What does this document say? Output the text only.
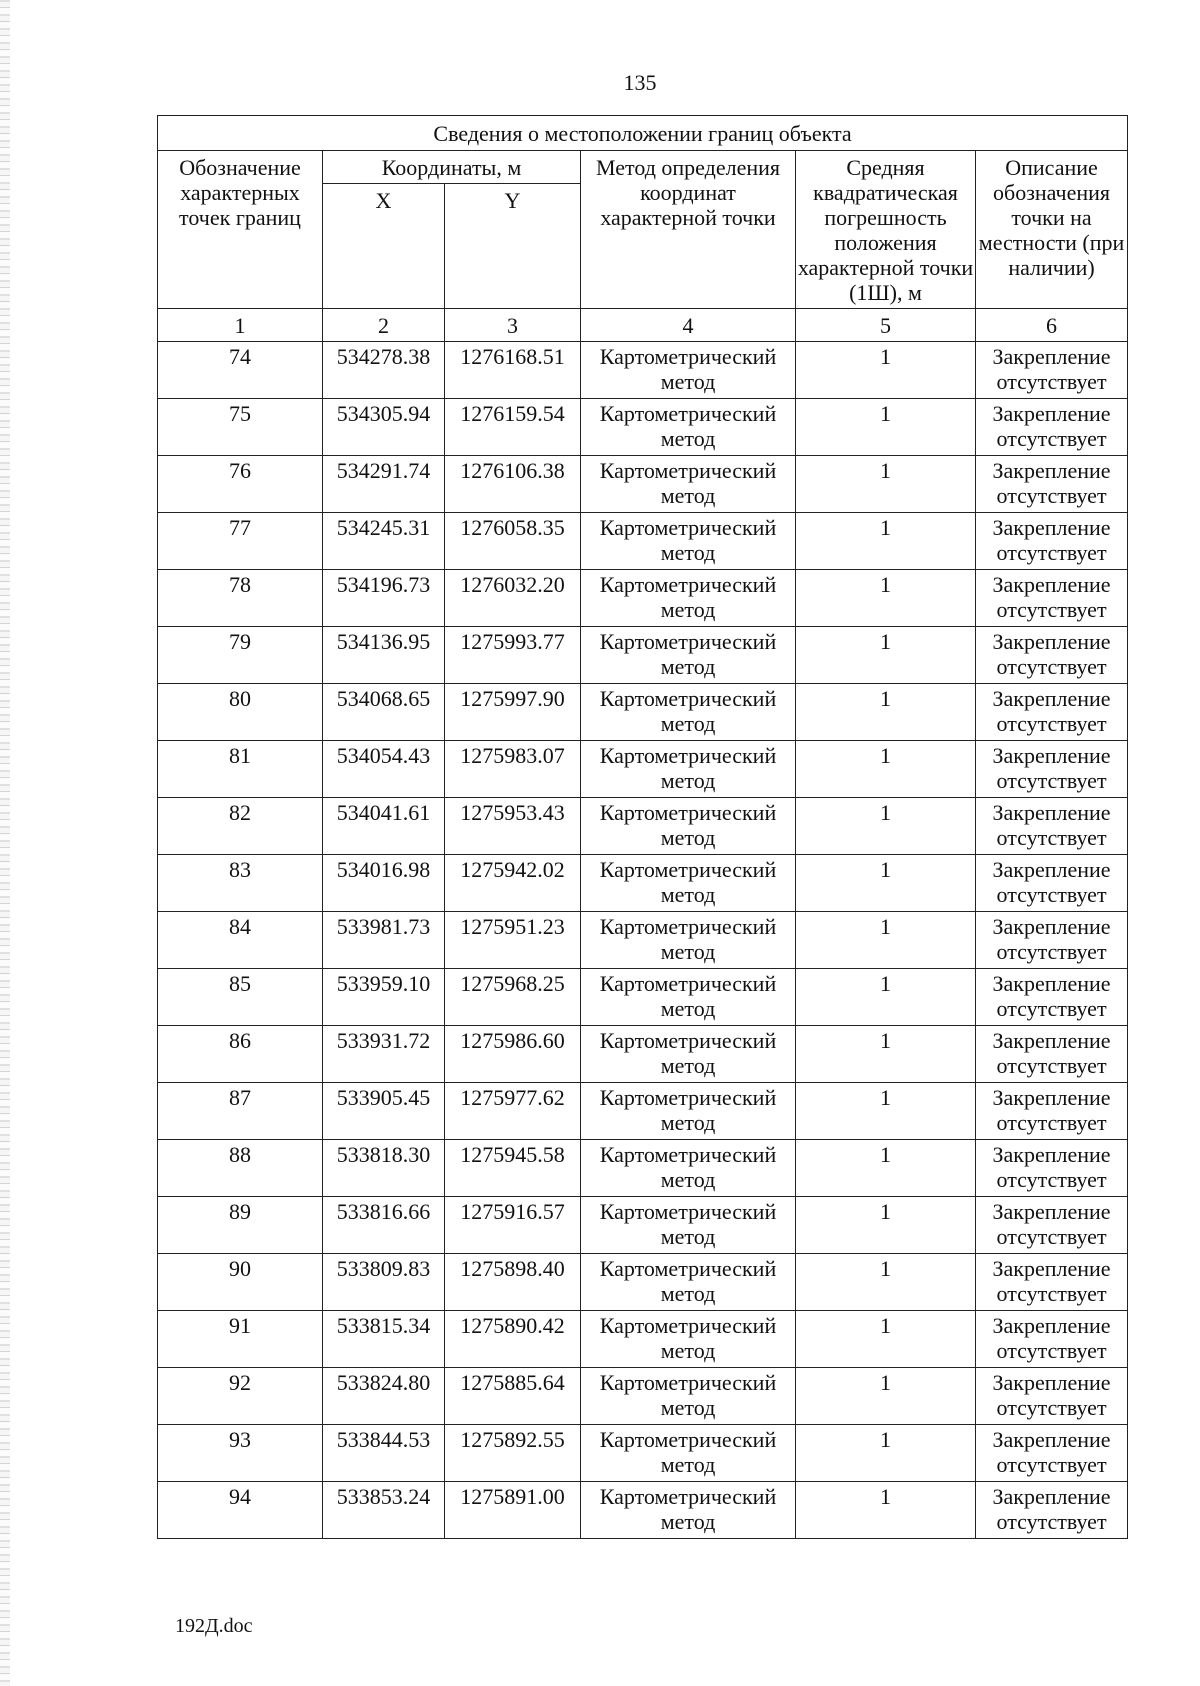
135
Сведения о местоположении границ объекта					
Обозначение характерных точек границ	Координаты, м		Метод определения координат характерной точки	Средняя квадратическая погрешность положения характерной точки (1Ш), м	Описание обозначения точки на местности (при наличии)
	X	Y			
1	2	3	4	5	6
74	534278.38	1276168.51	Картометрический метод	1	Закрепление отсутствует
75	534305.94	1276159.54	Картометрический метод	1	Закрепление отсутствует
76	534291.74	1276106.38	Картометрический метод	1	Закрепление отсутствует
77	534245.31	1276058.35	Картометрический метод	1	Закрепление отсутствует
78	534196.73	1276032.20	Картометрический метод	1	Закрепление отсутствует
79	534136.95	1275993.77	Картометрический метод	1	Закрепление отсутствует
80	534068.65	1275997.90	Картометрический метод	1	Закрепление отсутствует
81	534054.43	1275983.07	Картометрический метод	1	Закрепление отсутствует
82	534041.61	1275953.43	Картометрический метод	1	Закрепление отсутствует
83	534016.98	1275942.02	Картометрический метод	1	Закрепление отсутствует
84	533981.73	1275951.23	Картометрический метод	1	Закрепление отсутствует
85	533959.10	1275968.25	Картометрический метод	1	Закрепление отсутствует
86	533931.72	1275986.60	Картометрический метод	1	Закрепление отсутствует
87	533905.45	1275977.62	Картометрический метод	1	Закрепление отсутствует
88	533818.30	1275945.58	Картометрический метод	1	Закрепление отсутствует
89	533816.66	1275916.57	Картометрический метод	1	Закрепление отсутствует
90	533809.83	1275898.40	Картометрический метод	1	Закрепление отсутствует
91	533815.34	1275890.42	Картометрический метод	1	Закрепление отсутствует
92	533824.80	1275885.64	Картометрический метод	1	Закрепление отсутствует
93	533844.53	1275892.55	Картометрический метод	1	Закрепление отсутствует
94	533853.24	1275891.00	Картометрический метод	1	Закрепление отсутствует
192Д.doc
